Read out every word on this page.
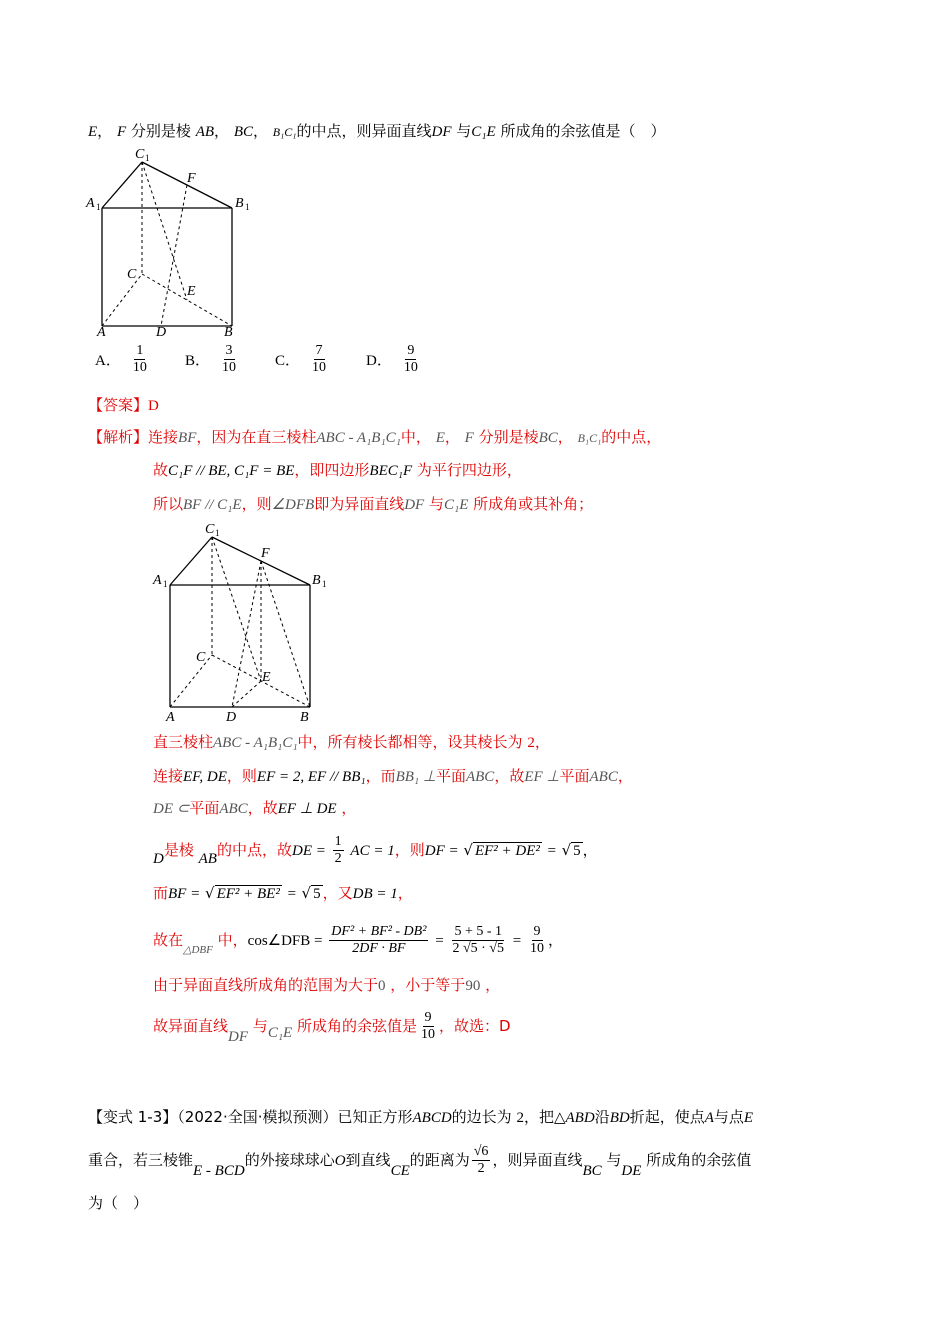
E， F 分别是棱 AB， BC， B₁C₁的中点，则异面直线DF 与C₁E 所成角的余弦值是（　）
C 1
F
A 1	B 1
C
E
A	D	B
A． $\frac{1}{10}$ B． $\frac{3}{10}$ C． $\frac{7}{10}$	D． $\frac{9}{10}$
【答案】D
【解析】连接BF，因为在直三棱柱ABC - A₁B₁C₁中， E， F 分别是棱BC， B₁C₁的中点，
故C₁F // BE, C₁F = BE，即四边形BEC₁F 为平行四边形，
所以BF // C₁E，则∠DFB即为异面直线DF 与C₁E 所成角或其补角；
C 1
F
A 1	B 1
C
E
A	D	B
直三棱柱ABC - A₁B₁C₁中，所有棱长都相等，设其棱长为 2，
连接EF, DE，则EF = 2, EF // BB₁，而BB₁ ⊥平面ABC，故EF ⊥平面ABC，
DE ⊂平面ABC，故EF ⊥ DE ，
D是棱 AB的中点，故DE = $\frac{1}{2}$ AC = 1，则DF = √ EF² + DE² = √ 5 ，
而BF = √ EF² + BE² = √ 5 ，又DB = 1，
故在$_{\triangle DBF}$ 中，cos∠DFB = $\frac{\text{DF² + BF² - DB²}}{2DF \cdot BF} = \frac{5 + 5 - 1}{2 √5 \cdot √5} = \frac{9}{10}$ ，
由于异面直线所成角的范围为大于0 ，小于等于90 ，
故异面直线DF 与C₁E 所成角的余弦值是 $\frac{9}{10}$ ，故选：D
【变式 1-3】（2022·全国·模拟预测）已知正方形ABCD的边长为 2，把△ABD沿BD折起，使点A与点E
重合，若三棱锥E - BCD的外接球球心O到直线CE的距离为 $\frac{√6}{2}$ ，则异面直线BC 与DE 所成角的余弦值
为（　）
